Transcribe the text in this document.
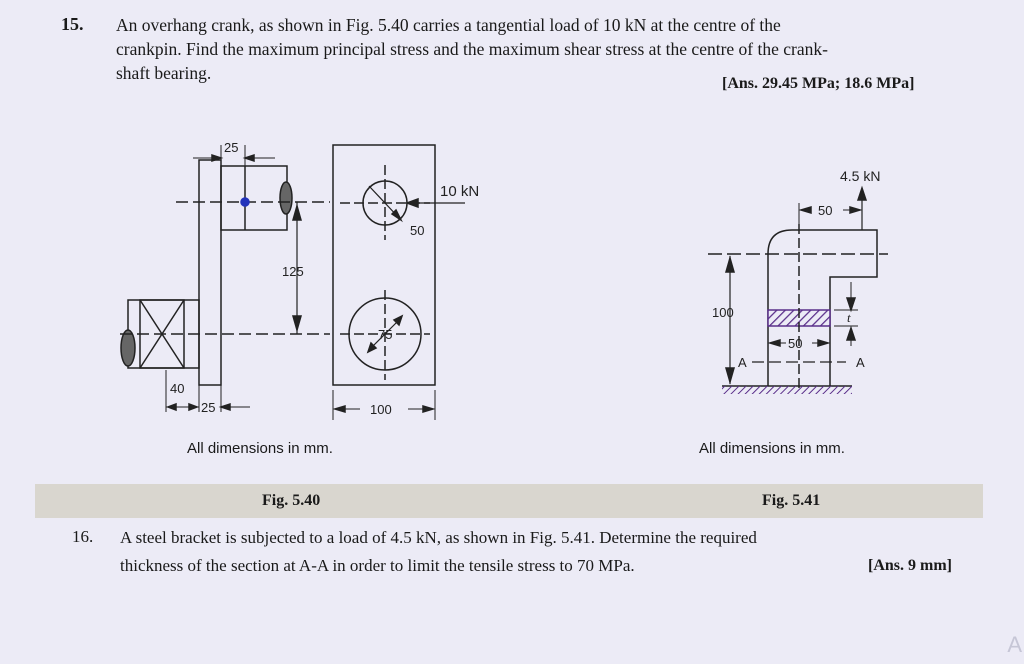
15. An overhang crank, as shown in Fig. 5.40 carries a tangential load of 10 kN at the centre of the
crankpin. Find the maximum principal stress and the maximum shear stress at the centre of the crank-
shaft bearing.
[Ans. 29.45 MPa; 18.6 MPa]
25
10 kN
50
125
75
40
25	100
4.5 kN
50
100	t
50
A	A
All dimensions in mm.	All dimensions in mm.
Fig. 5.40	Fig. 5.41
16. A steel bracket is subjected to a load of 4.5 kN, as shown in Fig. 5.41. Determine the required
thickness of the section at A-A in order to limit the tensile stress to 70 MPa.	[Ans. 9 mm]
A
